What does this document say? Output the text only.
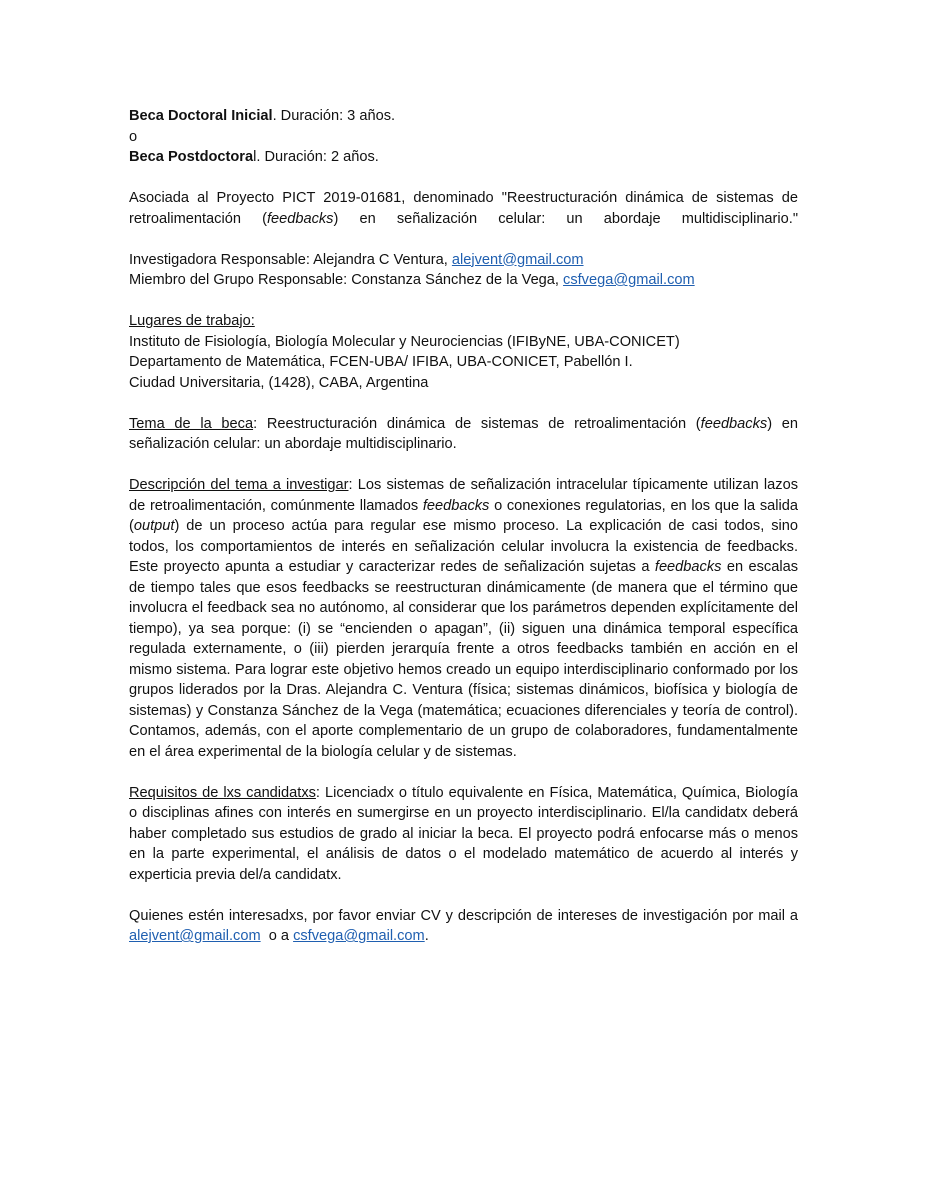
Beca Doctoral Inicial. Duración: 3 años.
o
Beca Postdoctoral. Duración: 2 años.
Asociada al Proyecto PICT 2019-01681, denominado "Reestructuración dinámica de sistemas de
retroalimentación (feedbacks) en señalización celular: un abordaje multidisciplinario."
Investigadora Responsable: Alejandra C Ventura, alejvent@gmail.com
Miembro del Grupo Responsable: Constanza Sánchez de la Vega, csfvega@gmail.com
Lugares de trabajo:
Instituto de Fisiología, Biología Molecular y Neurociencias (IFIByNE, UBA-CONICET)
Departamento de Matemática, FCEN-UBA/ IFIBA, UBA-CONICET, Pabellón I.
Ciudad Universitaria, (1428), CABA, Argentina
Tema de la beca: Reestructuración dinámica de sistemas de retroalimentación (feedbacks) en señalización celular: un abordaje multidisciplinario.
Descripción del tema a investigar: Los sistemas de señalización intracelular típicamente utilizan lazos de retroalimentación, comúnmente llamados feedbacks o conexiones regulatorias, en los que la salida (output) de un proceso actúa para regular ese mismo proceso. La explicación de casi todos, sino todos, los comportamientos de interés en señalización celular involucra la existencia de feedbacks. Este proyecto apunta a estudiar y caracterizar redes de señalización sujetas a feedbacks en escalas de tiempo tales que esos feedbacks se reestructuran dinámicamente (de manera que el término que involucra el feedback sea no autónomo, al considerar que los parámetros dependen explícitamente del tiempo), ya sea porque: (i) se “encienden o apagan”, (ii) siguen una dinámica temporal específica regulada externamente, o (iii) pierden jerarquía frente a otros feedbacks también en acción en el mismo sistema. Para lograr este objetivo hemos creado un equipo interdisciplinario conformado por los grupos liderados por la Dras. Alejandra C. Ventura (física; sistemas dinámicos, biofísica y biología de sistemas) y Constanza Sánchez de la Vega (matemática; ecuaciones diferenciales y teoría de control). Contamos, además, con el aporte complementario de un grupo de colaboradores, fundamentalmente en el área experimental de la biología celular y de sistemas.
Requisitos de lxs candidatxs: Licenciadx o título equivalente en Física, Matemática, Química, Biología o disciplinas afines con interés en sumergirse en un proyecto interdisciplinario. El/la candidatx deberá haber completado sus estudios de grado al iniciar la beca. El proyecto podrá enfocarse más o menos en la parte experimental, el análisis de datos o el modelado matemático de acuerdo al interés y experticia previa del/a candidatx.
Quienes estén interesadxs, por favor enviar CV y descripción de intereses de investigación por mail a alejvent@gmail.com  o a csfvega@gmail.com.
